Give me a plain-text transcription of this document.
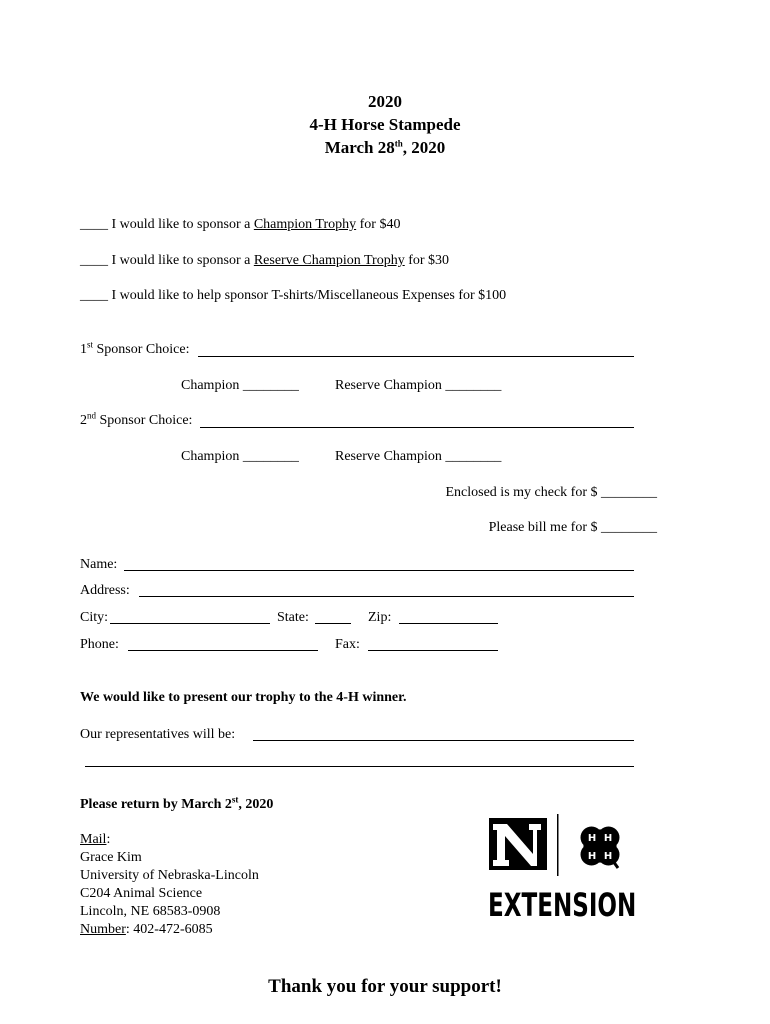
2020
4-H Horse Stampede
March 28th, 2020
____ I would like to sponsor a Champion Trophy for $40
____ I would like to sponsor a Reserve Champion Trophy for $30
____ I would like to help sponsor T-shirts/Miscellaneous Expenses for $100
1st Sponsor Choice:
Champion ________	Reserve Champion ________
2nd Sponsor Choice:
Champion ________	Reserve Champion ________
Enclosed is my check for $ ________
Please bill me for $ ________
Name:
Address:
City:	State:	Zip:
Phone:	Fax:
We would like to present our trophy to the 4-H winner.
Our representatives will be:
Please return by March 2st, 2020
Mail:
Grace Kim
University of Nebraska-Lincoln
C204 Animal Science
Lincoln, NE 68583-0908
Number: 402-472-6085
H H
H H
EXTENSION
Thank you for your support!
